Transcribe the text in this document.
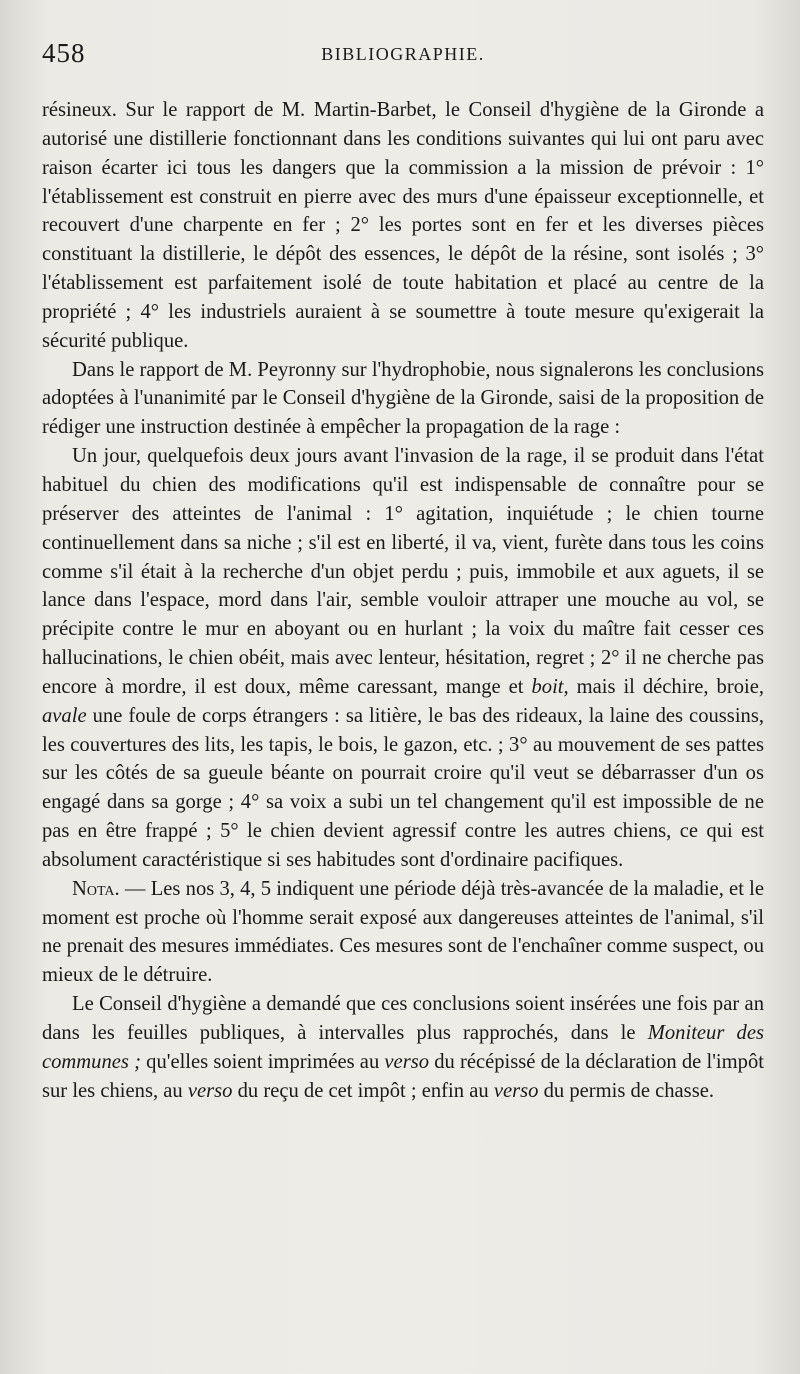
458	BIBLIOGRAPHIE.

résineux. Sur le rapport de M. Martin-Barbet, le Conseil d'hygiène de la Gironde a autorisé une distillerie fonctionnant dans les conditions suivantes qui lui ont paru avec raison écarter ici tous les dangers que la commission a la mission de prévoir : 1° l'établissement est construit en pierre avec des murs d'une épaisseur exceptionnelle, et recouvert d'une charpente en fer ; 2° les portes sont en fer et les diverses pièces constituant la distillerie, le dépôt des essences, le dépôt de la résine, sont isolés ; 3° l'établissement est parfaitement isolé de toute habitation et placé au centre de la propriété ; 4° les industriels auraient à se soumettre à toute mesure qu'exigerait la sécurité publique.

Dans le rapport de M. Peyronny sur l'hydrophobie, nous signalerons les conclusions adoptées à l'unanimité par le Conseil d'hygiène de la Gironde, saisi de la proposition de rédiger une instruction destinée à empêcher la propagation de la rage :

Un jour, quelquefois deux jours avant l'invasion de la rage, il se produit dans l'état habituel du chien des modifications qu'il est indispensable de connaître pour se préserver des atteintes de l'animal : 1° agitation, inquiétude ; le chien tourne continuellement dans sa niche ; s'il est en liberté, il va, vient, furète dans tous les coins comme s'il était à la recherche d'un objet perdu ; puis, immobile et aux aguets, il se lance dans l'espace, mord dans l'air, semble vouloir attraper une mouche au vol, se précipite contre le mur en aboyant ou en hurlant ; la voix du maître fait cesser ces hallucinations, le chien obéit, mais avec lenteur, hésitation, regret ; 2° il ne cherche pas encore à mordre, il est doux, même caressant, mange et boit, mais il déchire, broie, avale une foule de corps étrangers : sa litière, le bas des rideaux, la laine des coussins, les couvertures des lits, les tapis, le bois, le gazon, etc. ; 3° au mouvement de ses pattes sur les côtés de sa gueule béante on pourrait croire qu'il veut se débarrasser d'un os engagé dans sa gorge ; 4° sa voix a subi un tel changement qu'il est impossible de ne pas en être frappé ; 5° le chien devient agressif contre les autres chiens, ce qui est absolument caractéristique si ses habitudes sont d'ordinaire pacifiques.

Nota. — Les nos 3, 4, 5 indiquent une période déjà très-avancée de la maladie, et le moment est proche où l'homme serait exposé aux dangereuses atteintes de l'animal, s'il ne prenait des mesures immédiates. Ces mesures sont de l'enchaîner comme suspect, ou mieux de le détruire.

Le Conseil d'hygiène a demandé que ces conclusions soient insérées une fois par an dans les feuilles publiques, à intervalles plus rapprochés, dans le Moniteur des communes ; qu'elles soient imprimées au verso du récépissé de la déclaration de l'impôt sur les chiens, au verso du reçu de cet impôt ; enfin au verso du permis de chasse.
